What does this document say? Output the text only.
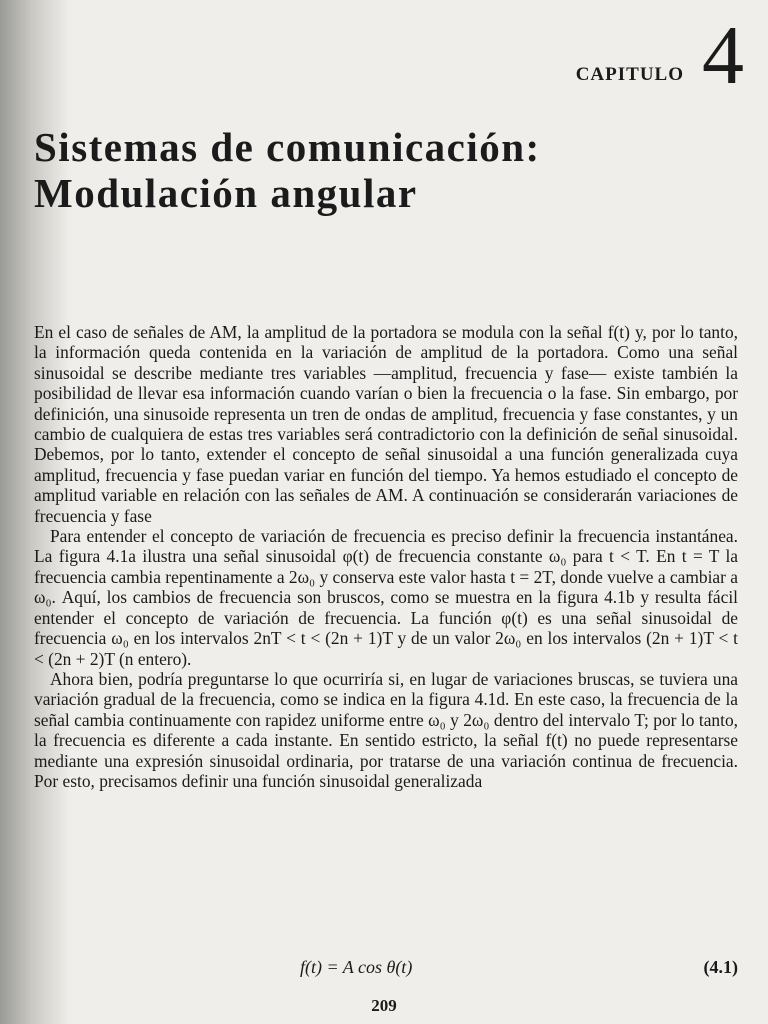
CAPITULO 4
Sistemas de comunicación:
Modulación angular

En el caso de señales de AM, la amplitud de la portadora se modula con la señal f(t) y, por lo tanto, la información queda contenida en la variación de amplitud de la portadora. Como una señal sinusoidal se describe mediante tres variables —amplitud, frecuencia y fase— existe también la posibilidad de llevar esa información cuando varían o bien la frecuencia o la fase. Sin embargo, por definición, una sinusoide representa un tren de ondas de amplitud, frecuencia y fase constantes, y un cambio de cualquiera de estas tres variables será contradictorio con la definición de señal sinusoidal. Debemos, por lo tanto, extender el concepto de señal sinusoidal a una función generalizada cuya amplitud, frecuencia y fase puedan variar en función del tiempo. Ya hemos estudiado el concepto de amplitud variable en relación con las señales de AM. A continuación se considerarán variaciones de frecuencia y fase

Para entender el concepto de variación de frecuencia es preciso definir la frecuencia instantánea. La figura 4.1a ilustra una señal sinusoidal φ(t) de frecuencia constante ω₀ para t < T. En t = T la frecuencia cambia repentinamente a 2ω₀ y conserva este valor hasta t = 2T, donde vuelve a cambiar a ω₀. Aquí, los cambios de frecuencia son bruscos, como se muestra en la figura 4.1b y resulta fácil entender el concepto de variación de frecuencia. La función φ(t) es una señal sinusoidal de frecuencia ω₀ en los intervalos 2nT < t < (2n + 1)T y de un valor 2ω₀ en los intervalos (2n + 1)T < t < (2n + 2)T (n entero).

Ahora bien, podría preguntarse lo que ocurriría si, en lugar de variaciones bruscas, se tuviera una variación gradual de la frecuencia, como se indica en la figura 4.1d. En este caso, la frecuencia de la señal cambia continuamente con rapidez uniforme entre ω₀ y 2ω₀ dentro del intervalo T; por lo tanto, la frecuencia es diferente a cada instante. En sentido estricto, la señal f(t) no puede representarse mediante una expresión sinusoidal ordinaria, por tratarse de una variación continua de frecuencia. Por esto, precisamos definir una función sinusoidal generalizada

f(t) = A cos θ(t)	(4.1)
209
